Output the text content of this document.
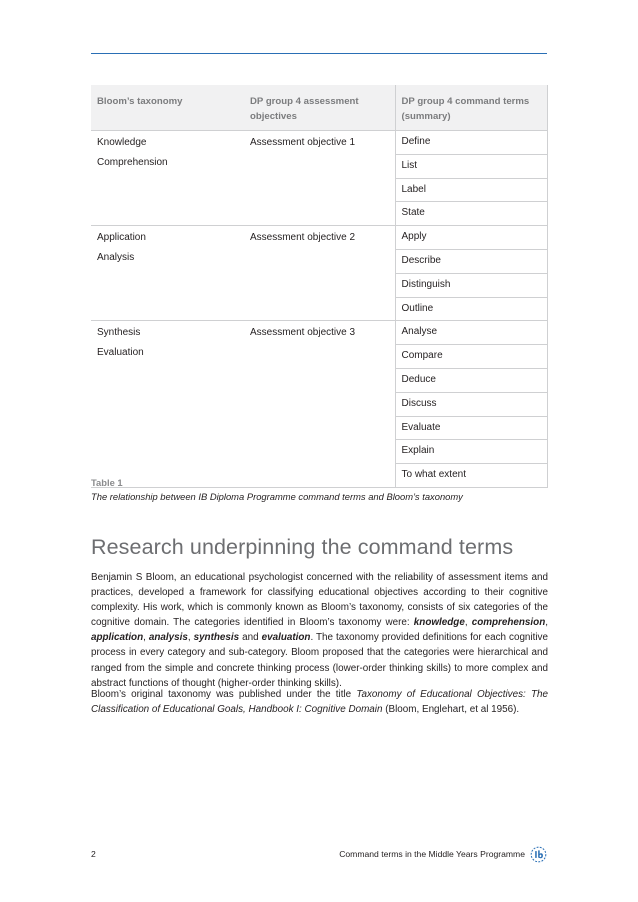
Bloom’s taxonomy	DP group 4 assessment objectives	DP group 4 command terms (summary)

Knowledge
Comprehension	Assessment objective 1	Define
		List
		Label
		State

Application
Analysis	Assessment objective 2	Apply
		Describe
		Distinguish
		Outline

Synthesis
Evaluation	Assessment objective 3	Analyse
		Compare
		Deduce
		Discuss
		Evaluate
		Explain
		To what extent
Table 1
The relationship between IB Diploma Programme command terms and Bloom’s taxonomy
Research underpinning the command terms

Benjamin S Bloom, an educational psychologist concerned with the reliability of assessment items and practices, developed a framework for classifying educational objectives according to their cognitive complexity. His work, which is commonly known as Bloom’s taxonomy, consists of six categories of the cognitive domain. The categories identified in Bloom’s taxonomy were: knowledge, comprehension, application, analysis, synthesis and evaluation. The taxonomy provided definitions for each cognitive process in every category and sub-category. Bloom proposed that the categories were hierarchical and ranged from the simple and concrete thinking process (lower-order thinking skills) to more complex and abstract functions of thought (higher-order thinking skills).

Bloom’s original taxonomy was published under the title Taxonomy of Educational Objectives: The Classification of Educational Goals, Handbook I: Cognitive Domain (Bloom, Englehart, et al 1956).

2	Command terms in the Middle Years Programme
